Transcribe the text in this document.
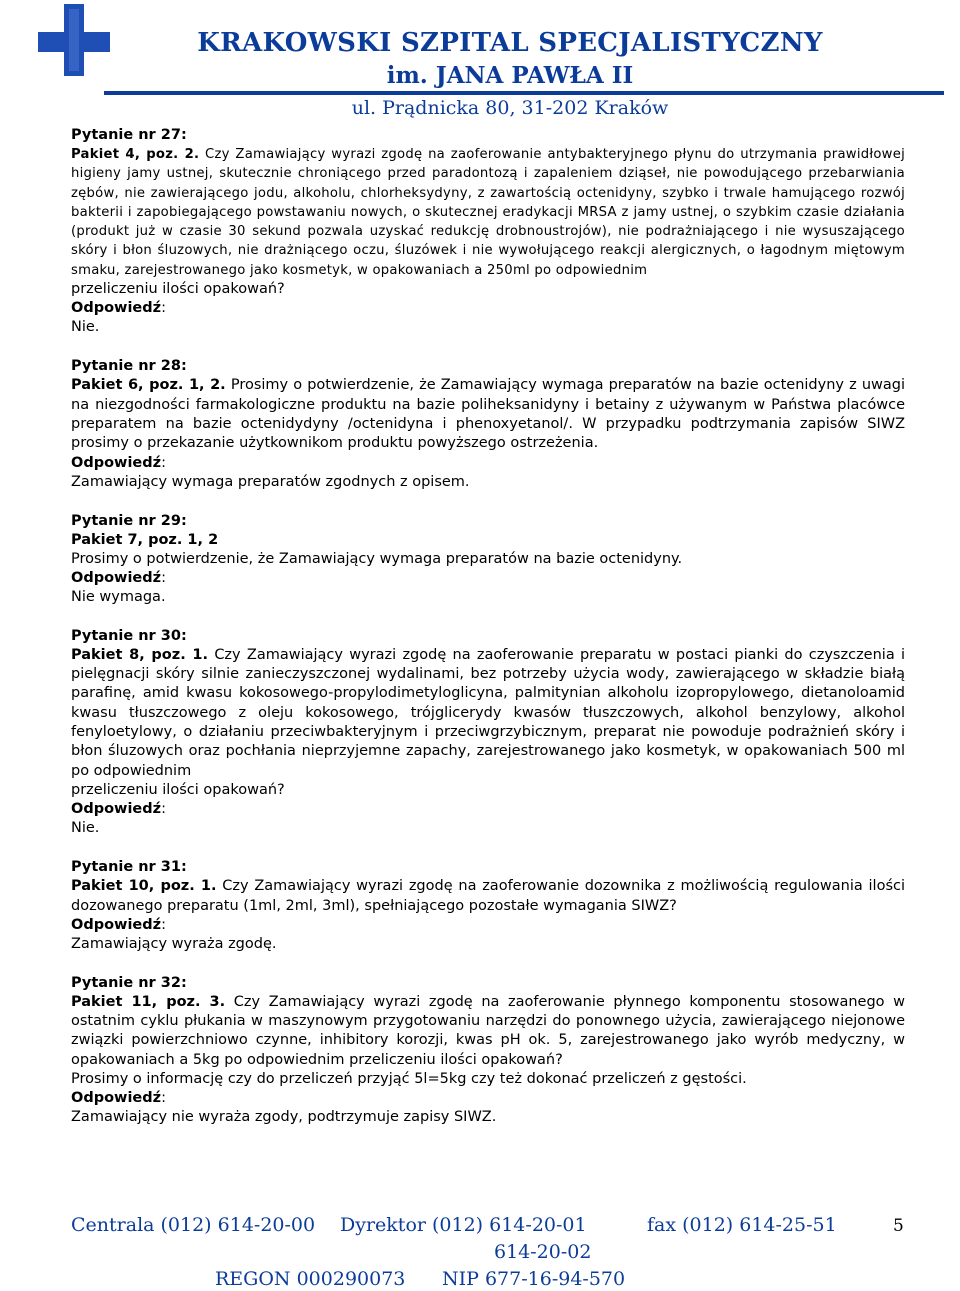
KRAKOWSKI SZPITAL SPECJALISTYCZNY
im. JANA PAWŁA II
ul. Prądnicka 80, 31-202 Kraków
Pytanie nr 27:
Pakiet 4, poz. 2. Czy Zamawiający wyrazi zgodę na zaoferowanie antybakteryjnego płynu do utrzymania prawidłowej higieny jamy ustnej, skutecznie chroniącego przed paradontozą i zapaleniem dziąseł, nie powodującego przebarwiania zębów, nie zawierającego jodu, alkoholu, chlorheksydyny, z zawartością octenidyny, szybko i trwale hamującego rozwój bakterii i zapobiegającego powstawaniu nowych, o skutecznej eradykacji MRSA z jamy ustnej, o szybkim czasie działania (produkt już w czasie 30 sekund pozwala uzyskać redukcję drobnoustrojów), nie podrażniającego i nie wysuszającego skóry i błon śluzowych, nie drażniącego oczu, śluzówek i nie wywołującego reakcji alergicznych, o łagodnym miętowym smaku, zarejestrowanego jako kosmetyk, w opakowaniach a 250ml po odpowiednim
przeliczeniu ilości opakowań?
Odpowiedź:
Nie.
Pytanie nr 28:
Pakiet 6, poz. 1, 2. Prosimy o potwierdzenie, że Zamawiający wymaga preparatów na bazie octenidyny z uwagi na niezgodności farmakologiczne produktu na bazie poliheksanidyny i betainy z używanym w Państwa placówce preparatem na bazie octenidydyny /octenidyna i phenoxyetanol/. W przypadku podtrzymania zapisów SIWZ prosimy o przekazanie użytkownikom produktu powyższego ostrzeżenia.
Odpowiedź:
Zamawiający wymaga preparatów zgodnych z opisem.
Pytanie nr 29:
Pakiet 7, poz. 1, 2
Prosimy o potwierdzenie, że Zamawiający wymaga preparatów na bazie octenidyny.
Odpowiedź:
Nie wymaga.
Pytanie nr 30:
Pakiet 8, poz. 1. Czy Zamawiający wyrazi zgodę na zaoferowanie preparatu w postaci pianki do czyszczenia i pielęgnacji skóry silnie zanieczyszczonej wydalinami, bez potrzeby użycia wody, zawierającego w składzie białą parafinę, amid kwasu kokosowego-propylodimetyloglicyna, palmitynian alkoholu izopropylowego, dietanoloamid kwasu tłuszczowego z oleju kokosowego, trójglicerydy kwasów tłuszczowych, alkohol benzylowy, alkohol fenyloetylowy, o działaniu przeciwbakteryjnym i przeciwgrzybicznym, preparat nie powoduje podrażnień skóry i błon śluzowych oraz pochłania nieprzyjemne zapachy, zarejestrowanego jako kosmetyk, w opakowaniach 500 ml po odpowiednim
przeliczeniu ilości opakowań?
Odpowiedź:
Nie.
Pytanie nr 31:
Pakiet 10, poz. 1. Czy Zamawiający wyrazi zgodę na zaoferowanie dozownika z możliwością regulowania ilości dozowanego preparatu (1ml, 2ml, 3ml), spełniającego pozostałe wymagania SIWZ?
Odpowiedź:
Zamawiający wyraża zgodę.
Pytanie nr 32:
Pakiet 11, poz. 3. Czy Zamawiający wyrazi zgodę na zaoferowanie płynnego komponentu stosowanego w ostatnim cyklu płukania w maszynowym przygotowaniu narzędzi do ponownego użycia, zawierającego niejonowe związki powierzchniowo czynne, inhibitory korozji, kwas pH ok. 5, zarejestrowanego jako wyrób medyczny, w opakowaniach a 5kg po odpowiednim przeliczeniu ilości opakowań?
Prosimy o informację czy do przeliczeń przyjąć 5l=5kg czy też dokonać przeliczeń z gęstości.
Odpowiedź:
Zamawiający nie wyraża zgody, podtrzymuje zapisy SIWZ.
Centrala (012) 614-20-00 Dyrektor (012) 614-20-01
614-20-02
fax (012) 614-25-51	5
REGON 000290073 NIP 677-16-94-570
